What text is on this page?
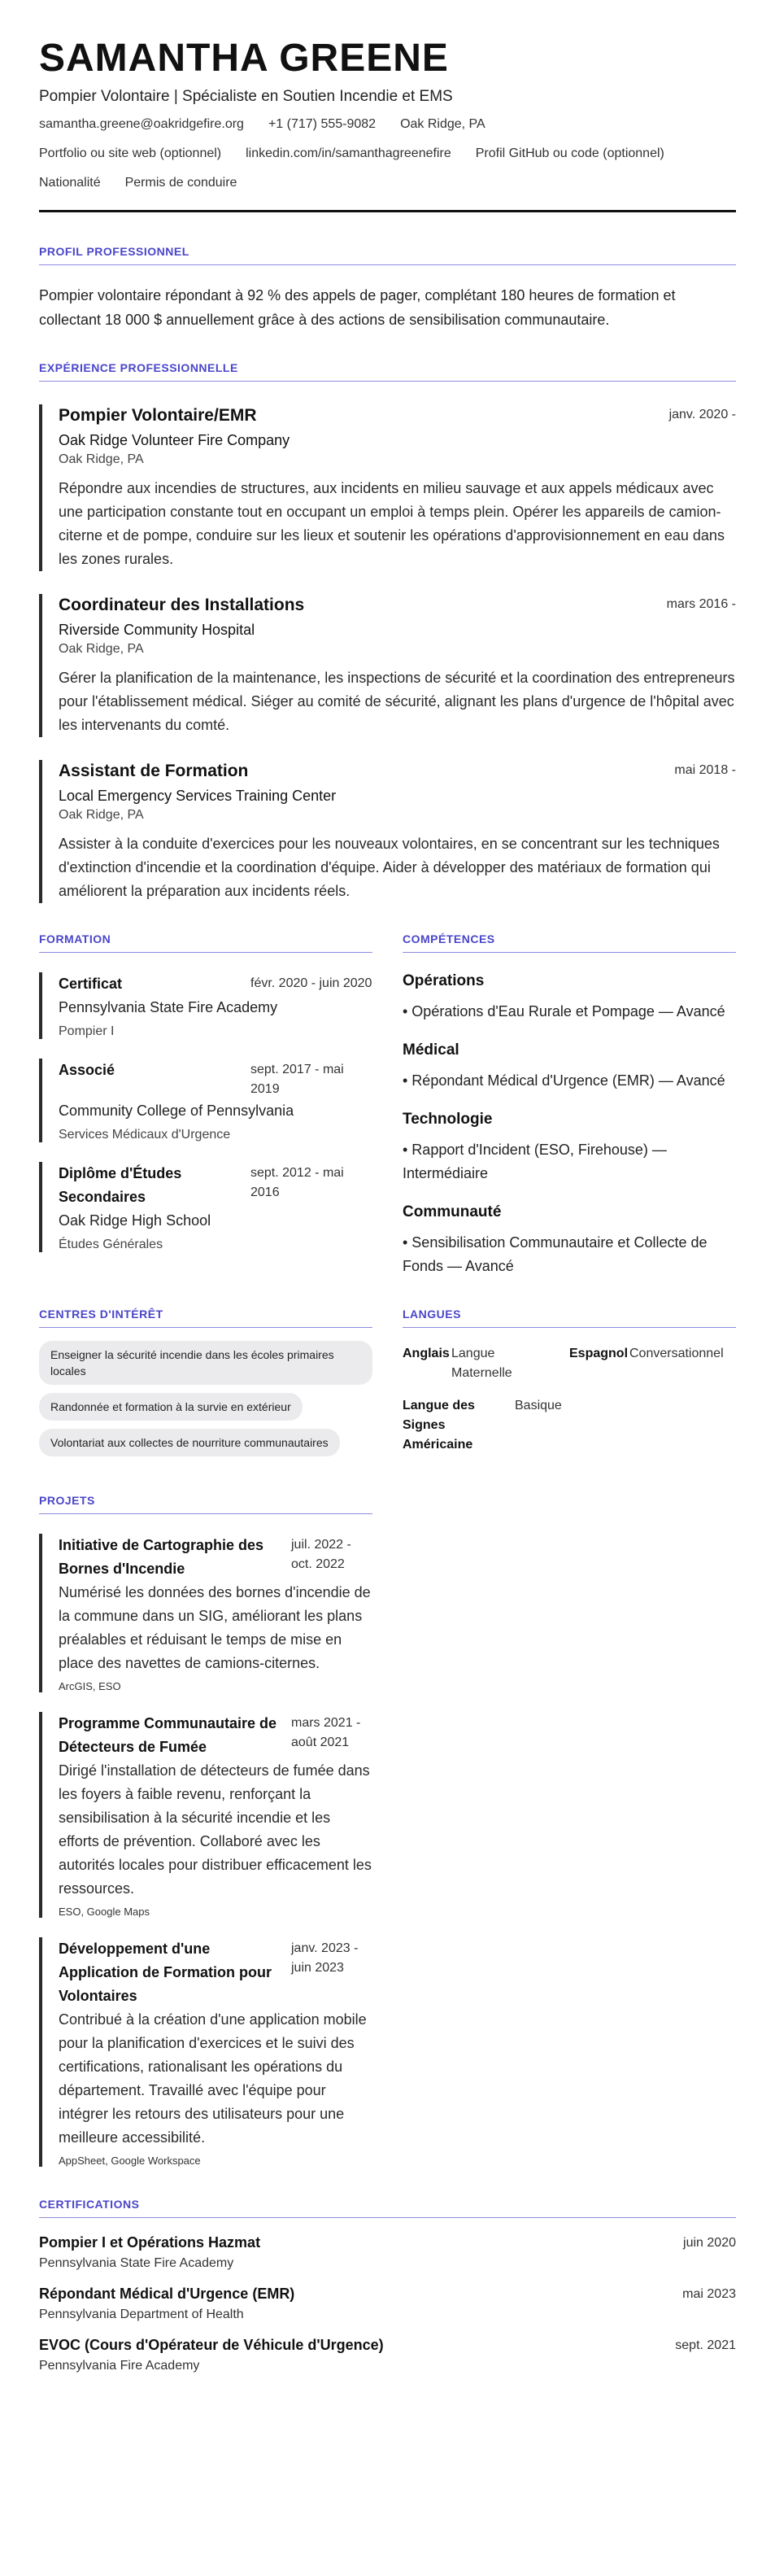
SAMANTHA GREENE
Pompier Volontaire | Spécialiste en Soutien Incendie et EMS
samantha.greene@oakridgefire.org +1 (717) 555-9082 Oak Ridge, PA
Portfolio ou site web (optionnel) linkedin.com/in/samanthagreenefire Profil GitHub ou code (optionnel)
Nationalité Permis de conduire
PROFIL PROFESSIONNEL

Pompier volontaire répondant à 92 % des appels de pager, complétant 180 heures de formation et collectant 18 000 $ annuellement grâce à des actions de sensibilisation communautaire.

EXPÉRIENCE PROFESSIONNELLE
Pompier Volontaire/EMR	janv. 2020 -
Oak Ridge Volunteer Fire Company
Oak Ridge, PA

Répondre aux incendies de structures, aux incidents en milieu sauvage et aux appels médicaux avec une participation constante tout en occupant un emploi à temps plein. Opérer les appareils de camion-citerne et de pompe, conduire sur les lieux et soutenir les opérations d'approvisionnement en eau dans les zones rurales.

Coordinateur des Installations	mars 2016 -
Riverside Community Hospital
Oak Ridge, PA

Gérer la planification de la maintenance, les inspections de sécurité et la coordination des entrepreneurs pour l'établissement médical. Siéger au comité de sécurité, alignant les plans d'urgence de l'hôpital avec les intervenants du comté.

Assistant de Formation	mai 2018 -
Local Emergency Services Training Center
Oak Ridge, PA

Assister à la conduite d'exercices pour les nouveaux volontaires, en se concentrant sur les techniques d'extinction d'incendie et la coordination d'équipe. Aider à développer des matériaux de formation qui améliorent la préparation aux incidents réels.

FORMATION
Certificat	févr. 2020 - juin 2020
Pennsylvania State Fire Academy
Pompier I
Associé	sept. 2017 - mai 2019
Community College of Pennsylvania
Services Médicaux d'Urgence
Diplôme d'Études Secondaires
sept. 2012 - mai 2016
Oak Ridge High School
Études Générales
COMPÉTENCES
Opérations
• Opérations d'Eau Rurale et Pompage — Avancé
Médical
• Répondant Médical d'Urgence (EMR) — Avancé
Technologie
• Rapport d'Incident (ESO, Firehouse) — Intermédiaire
Communauté
• Sensibilisation Communautaire et Collecte de Fonds — Avancé
CENTRES D'INTÉRÊT
Enseigner la sécurité incendie dans les écoles primaires locales
Randonnée et formation à la survie en extérieur
Volontariat aux collectes de nourriture communautaires
LANGUES
Anglais Langue Maternelle
Espagnol Conversationnel
Langue des Signes Américaine
Basique
PROJETS
Initiative de Cartographie des Bornes d'Incendie
juil. 2022 - oct. 2022

Numérisé les données des bornes d'incendie de la commune dans un SIG, améliorant les plans préalables et réduisant le temps de mise en place des navettes de camions-citernes.

ArcGIS, ESO
Programme Communautaire de Détecteurs de Fumée
mars 2021 - août 2021

Dirigé l'installation de détecteurs de fumée dans les foyers à faible revenu, renforçant la sensibilisation à la sécurité incendie et les efforts de prévention. Collaboré avec les autorités locales pour distribuer efficacement les ressources.

ESO, Google Maps
Développement d'une Application de Formation pour Volontaires
janv. 2023 - juin 2023

Contribué à la création d'une application mobile pour la planification d'exercices et le suivi des certifications, rationalisant les opérations du département. Travaillé avec l'équipe pour intégrer les retours des utilisateurs pour une meilleure accessibilité.

AppSheet, Google Workspace
CERTIFICATIONS
Pompier I et Opérations Hazmat
Pennsylvania State Fire Academy
juin 2020
Répondant Médical d'Urgence (EMR)
Pennsylvania Department of Health
mai 2023
EVOC (Cours d'Opérateur de Véhicule d'Urgence)
Pennsylvania Fire Academy
sept. 2021
